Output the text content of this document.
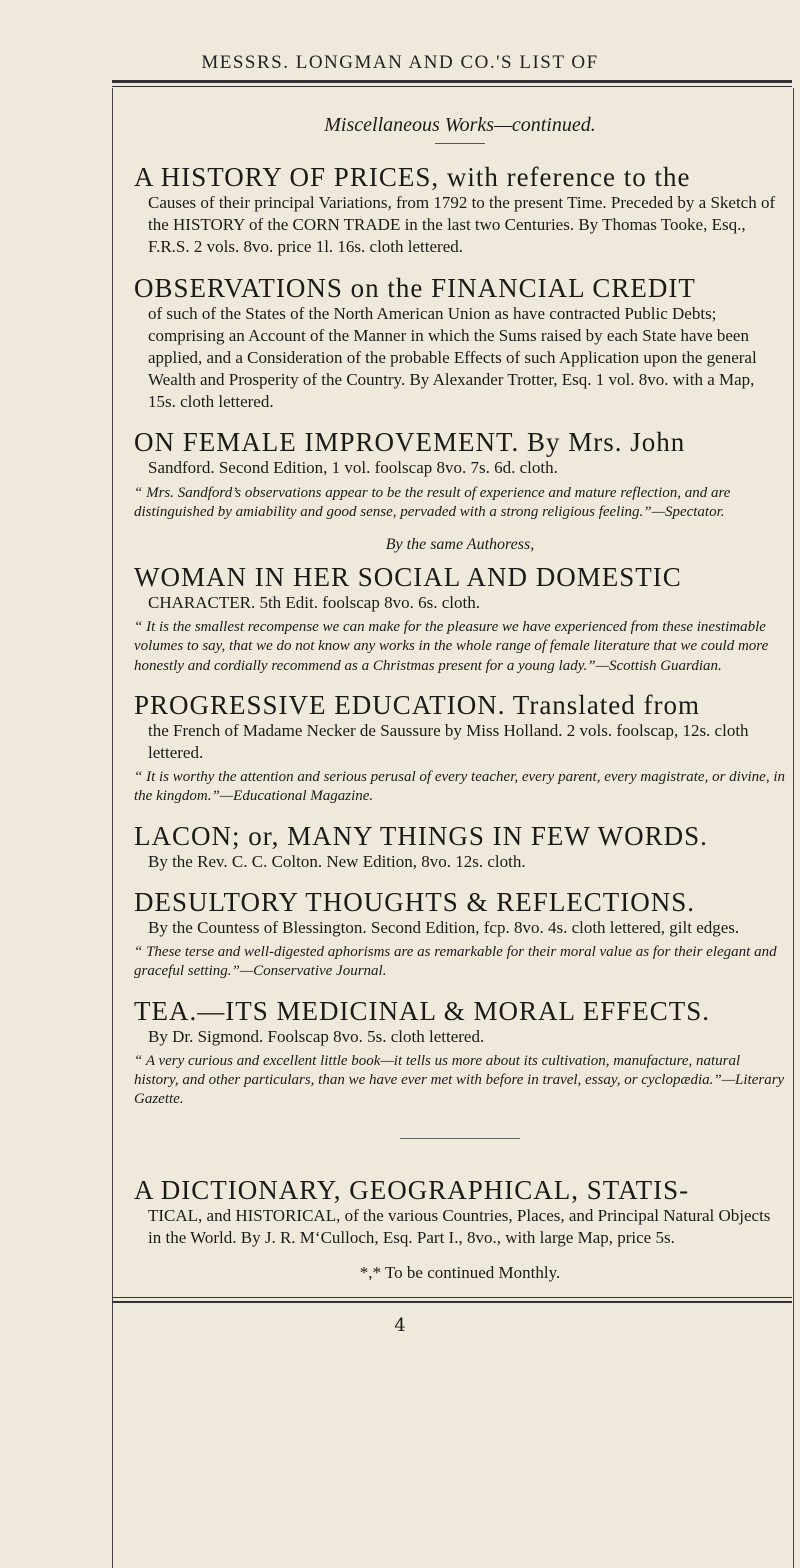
MESSRS. LONGMAN AND CO.'S LIST OF
Miscellaneous Works—continued.
A HISTORY OF PRICES, with reference to the
Causes of their principal Variations, from 1792 to the present Time. Preceded by a Sketch of the HISTORY of the CORN TRADE in the last two Centuries. By Thomas Tooke, Esq., F.R.S. 2 vols. 8vo. price 1l. 16s. cloth lettered.
OBSERVATIONS on the FINANCIAL CREDIT
of such of the States of the North American Union as have contracted Public Debts; comprising an Account of the Manner in which the Sums raised by each State have been applied, and a Consideration of the probable Effects of such Application upon the general Wealth and Prosperity of the Country. By Alexander Trotter, Esq. 1 vol. 8vo. with a Map, 15s. cloth lettered.
ON FEMALE IMPROVEMENT. By Mrs. John
Sandford. Second Edition, 1 vol. foolscap 8vo. 7s. 6d. cloth.
“ Mrs. Sandford’s observations appear to be the result of experience and mature reflection, and are distinguished by amiability and good sense, pervaded with a strong religious feeling.”—Spectator.
By the same Authoress,
WOMAN IN HER SOCIAL AND DOMESTIC
CHARACTER. 5th Edit. foolscap 8vo. 6s. cloth.
“ It is the smallest recompense we can make for the pleasure we have experienced from these inestimable volumes to say, that we do not know any works in the whole range of female literature that we could more honestly and cordially recommend as a Christmas present for a young lady.”—Scottish Guardian.
PROGRESSIVE EDUCATION. Translated from
the French of Madame Necker de Saussure by Miss Holland. 2 vols. foolscap, 12s. cloth lettered.
“ It is worthy the attention and serious perusal of every teacher, every parent, every magistrate, or divine, in the kingdom.”—Educational Magazine.
LACON; or, MANY THINGS IN FEW WORDS.
By the Rev. C. C. Colton. New Edition, 8vo. 12s. cloth.
DESULTORY THOUGHTS & REFLECTIONS.
By the Countess of Blessington. Second Edition, fcp. 8vo. 4s. cloth lettered, gilt edges.
“ These terse and well-digested aphorisms are as remarkable for their moral value as for their elegant and graceful setting.”—Conservative Journal.
TEA.—ITS MEDICINAL & MORAL EFFECTS.
By Dr. Sigmond. Foolscap 8vo. 5s. cloth lettered.
“ A very curious and excellent little book—it tells us more about its cultivation, manufacture, natural history, and other particulars, than we have ever met with before in travel, essay, or cyclopædia.”—Literary Gazette.
A DICTIONARY, GEOGRAPHICAL, STATIS-
TICAL, and HISTORICAL, of the various Countries, Places, and Principal Natural Objects in the World. By J. R. M‘Culloch, Esq. Part I., 8vo., with large Map, price 5s.
*,* To be continued Monthly.
4
